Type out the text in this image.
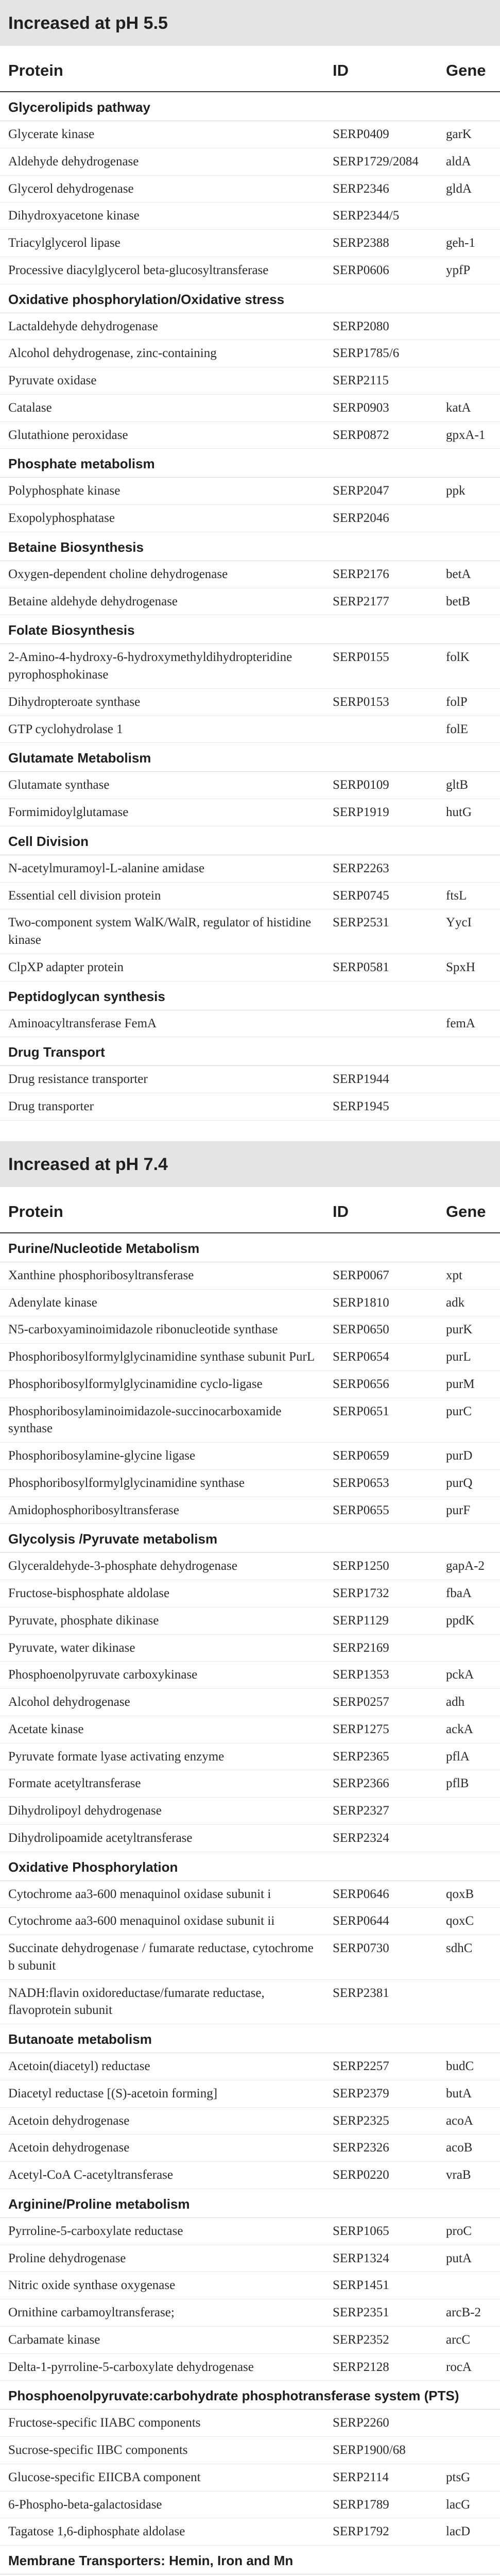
Increased at pH 5.5
Protein	ID	Gene
Glycerolipids pathway		
Glycerate kinase	SERP0409	garK
Aldehyde dehydrogenase	SERP1729/2084	aldA
Glycerol dehydrogenase	SERP2346	gldA
Dihydroxyacetone kinase	SERP2344/5	
Triacylglycerol lipase	SERP2388	geh-1
Processive diacylglycerol beta-glucosyltransferase	SERP0606	ypfP
Oxidative phosphorylation/Oxidative stress		
Lactaldehyde dehydrogenase	SERP2080	
Alcohol dehydrogenase, zinc-containing	SERP1785/6	
Pyruvate oxidase	SERP2115	
Catalase	SERP0903	katA
Glutathione peroxidase	SERP0872	gpxA-1
Phosphate metabolism		
Polyphosphate kinase	SERP2047	ppk
Exopolyphosphatase	SERP2046	
Betaine Biosynthesis		
Oxygen-dependent choline dehydrogenase	SERP2176	betA
Betaine aldehyde dehydrogenase	SERP2177	betB
Folate Biosynthesis		
2-Amino-4-hydroxy-6-hydroxymethyldihydropteridine pyrophosphokinase	SERP0155	folK
Dihydropteroate synthase	SERP0153	folP
GTP cyclohydrolase 1		folE
Glutamate Metabolism		
Glutamate synthase	SERP0109	gltB
Formimidoylglutamase	SERP1919	hutG
Cell Division		
N-acetylmuramoyl-L-alanine amidase	SERP2263	
Essential cell division protein	SERP0745	ftsL
Two-component system WalK/WalR, regulator of histidine kinase	SERP2531	YycI
ClpXP adapter protein	SERP0581	SpxH
Peptidoglycan synthesis		
Aminoacyltransferase FemA		femA
Drug Transport		
Drug resistance transporter	SERP1944	
Drug transporter	SERP1945	
Increased at pH 7.4
Protein	ID	Gene
Purine/Nucleotide Metabolism		
Xanthine phosphoribosyltransferase	SERP0067	xpt
Adenylate kinase	SERP1810	adk
N5-carboxyaminoimidazole ribonucleotide synthase	SERP0650	purK
Phosphoribosylformylglycinamidine synthase subunit PurL	SERP0654	purL
Phosphoribosylformylglycinamidine cyclo-ligase	SERP0656	purM
Phosphoribosylaminoimidazole-succinocarboxamide synthase	SERP0651	purC
Phosphoribosylamine-glycine ligase	SERP0659	purD
Phosphoribosylformylglycinamidine synthase	SERP0653	purQ
Amidophosphoribosyltransferase	SERP0655	purF
Glycolysis /Pyruvate metabolism		
Glyceraldehyde-3-phosphate dehydrogenase	SERP1250	gapA-2
Fructose-bisphosphate aldolase	SERP1732	fbaA
Pyruvate, phosphate dikinase	SERP1129	ppdK
Pyruvate, water dikinase	SERP2169	
Phosphoenolpyruvate carboxykinase	SERP1353	pckA
Alcohol dehydrogenase	SERP0257	adh
Acetate kinase	SERP1275	ackA
Pyruvate formate lyase activating enzyme	SERP2365	pflA
Formate acetyltransferase	SERP2366	pflB
Dihydrolipoyl dehydrogenase	SERP2327	
Dihydrolipoamide acetyltransferase	SERP2324	
Oxidative Phosphorylation		
Cytochrome aa3-600 menaquinol oxidase subunit i	SERP0646	qoxB
Cytochrome aa3-600 menaquinol oxidase subunit ii	SERP0644	qoxC
Succinate dehydrogenase / fumarate reductase, cytochrome b subunit	SERP0730	sdhC
NADH:flavin oxidoreductase/fumarate reductase, flavoprotein subunit	SERP2381	
Butanoate metabolism		
Acetoin(diacetyl) reductase	SERP2257	budC
Diacetyl reductase [(S)-acetoin forming]	SERP2379	butA
Acetoin dehydrogenase	SERP2325	acoA
Acetoin dehydrogenase	SERP2326	acoB
Acetyl-CoA C-acetyltransferase	SERP0220	vraB
Arginine/Proline metabolism		
Pyrroline-5-carboxylate reductase	SERP1065	proC
Proline dehydrogenase	SERP1324	putA
Nitric oxide synthase oxygenase	SERP1451	
Ornithine carbamoyltransferase;	SERP2351	arcB-2
Carbamate kinase	SERP2352	arcC
Delta-1-pyrroline-5-carboxylate dehydrogenase	SERP2128	rocA
Phosphoenolpyruvate:carbohydrate phosphotransferase system (PTS)		
Fructose-specific IIABC components	SERP2260	
Sucrose-specific IIBC components	SERP1900/68	
Glucose-specific EIICBA component	SERP2114	ptsG
6-Phospho-beta-galactosidase	SERP1789	lacG
Tagatose 1,6-diphosphate aldolase	SERP1792	lacD
Membrane Transporters: Hemin, Iron and Mn		
